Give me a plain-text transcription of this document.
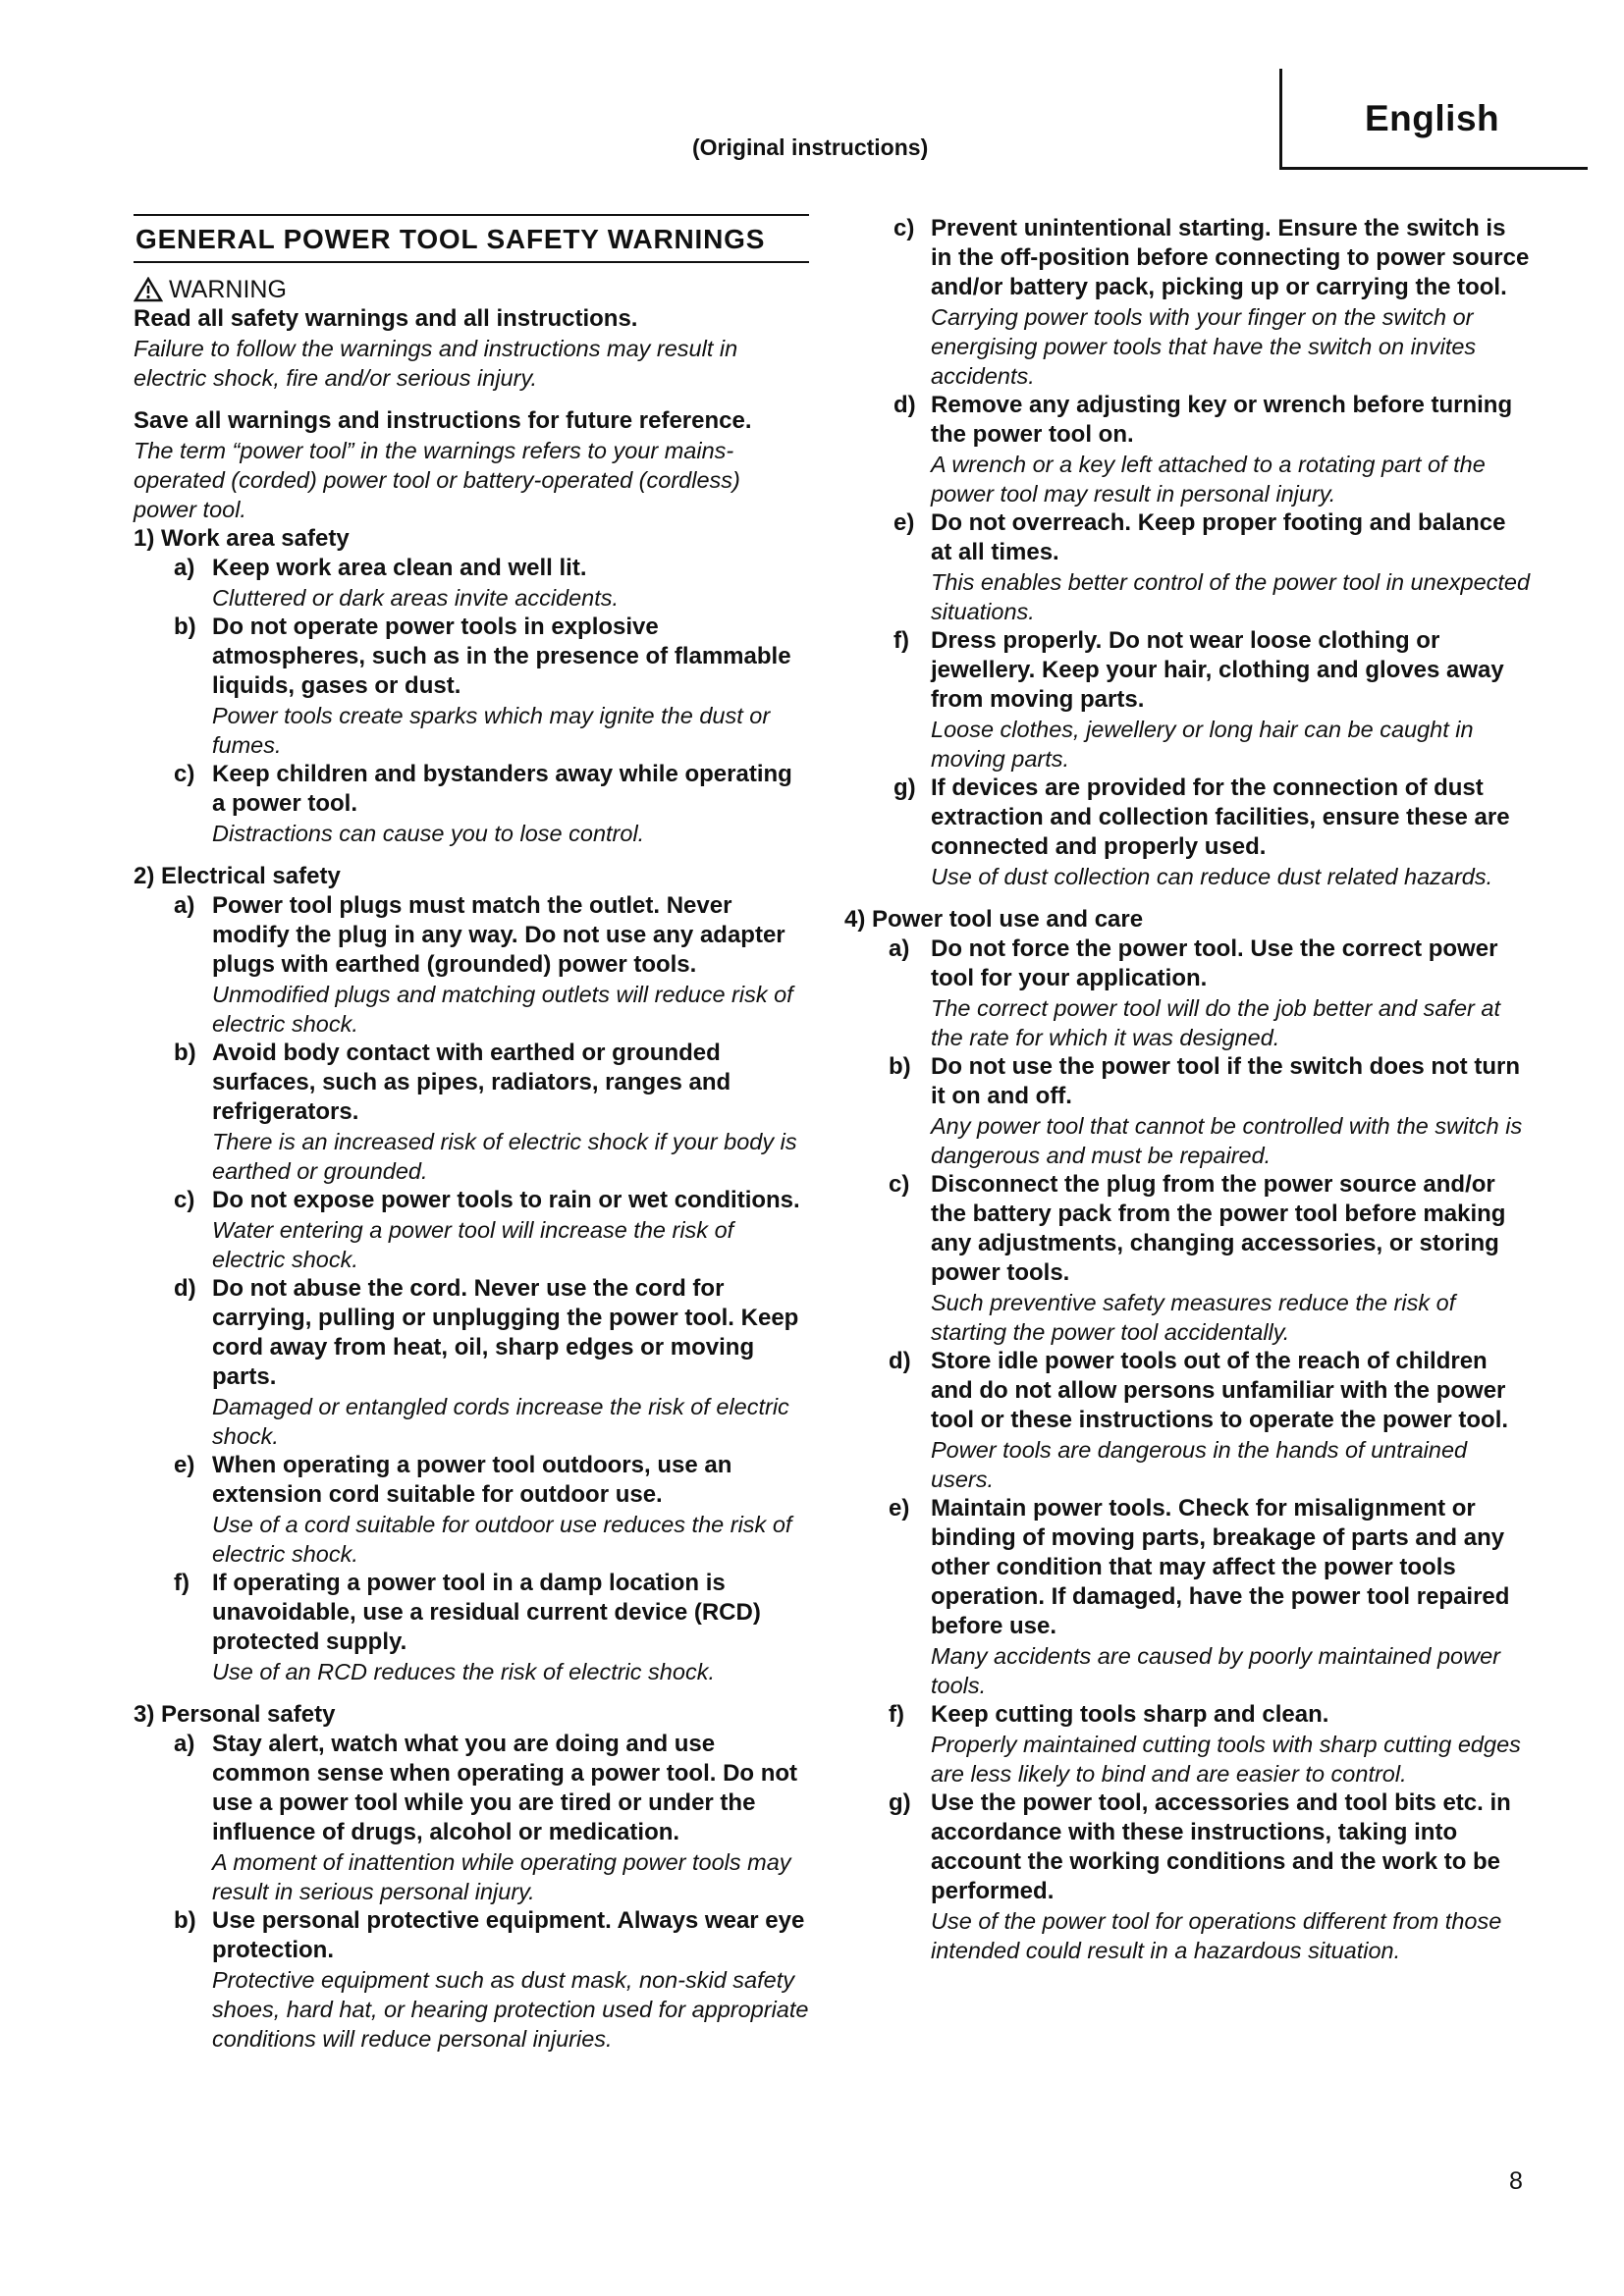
English
(Original instructions)
GENERAL POWER TOOL SAFETY WARNINGS
WARNING
Read all safety warnings and all instructions.
Failure to follow the warnings and instructions may result in electric shock, fire and/or serious injury.
Save all warnings and instructions for future reference.
The term “power tool” in the warnings refers to your mains-operated (corded) power tool or battery-operated (cordless) power tool.
1) Work area safety
a) Keep work area clean and well lit.
Cluttered or dark areas invite accidents.
b) Do not operate power tools in explosive atmospheres, such as in the presence of flammable liquids, gases or dust.
Power tools create sparks which may ignite the dust or fumes.
c) Keep children and bystanders away while operating a power tool.
Distractions can cause you to lose control.
2) Electrical safety
a) Power tool plugs must match the outlet. Never modify the plug in any way. Do not use any adapter plugs with earthed (grounded) power tools.
Unmodified plugs and matching outlets will reduce risk of electric shock.
b) Avoid body contact with earthed or grounded surfaces, such as pipes, radiators, ranges and refrigerators.
There is an increased risk of electric shock if your body is earthed or grounded.
c) Do not expose power tools to rain or wet conditions.
Water entering a power tool will increase the risk of electric shock.
d) Do not abuse the cord. Never use the cord for carrying, pulling or unplugging the power tool. Keep cord away from heat, oil, sharp edges or moving parts.
Damaged or entangled cords increase the risk of electric shock.
e) When operating a power tool outdoors, use an extension cord suitable for outdoor use.
Use of a cord suitable for outdoor use reduces the risk of electric shock.
f) If operating a power tool in a damp location is unavoidable, use a residual current device (RCD) protected supply.
Use of an RCD reduces the risk of electric shock.
3) Personal safety
a) Stay alert, watch what you are doing and use common sense when operating a power tool. Do not use a power tool while you are tired or under the influence of drugs, alcohol or medication.
A moment of inattention while operating power tools may result in serious personal injury.
b) Use personal protective equipment. Always wear eye protection.
Protective equipment such as dust mask, non-skid safety shoes, hard hat, or hearing protection used for appropriate conditions will reduce personal injuries.
c) Prevent unintentional starting. Ensure the switch is in the off-position before connecting to power source and/or battery pack, picking up or carrying the tool.
Carrying power tools with your finger on the switch or energising power tools that have the switch on invites accidents.
d) Remove any adjusting key or wrench before turning the power tool on.
A wrench or a key left attached to a rotating part of the power tool may result in personal injury.
e) Do not overreach. Keep proper footing and balance at all times.
This enables better control of the power tool in unexpected situations.
f) Dress properly. Do not wear loose clothing or jewellery. Keep your hair, clothing and gloves away from moving parts.
Loose clothes, jewellery or long hair can be caught in moving parts.
g) If devices are provided for the connection of dust extraction and collection facilities, ensure these are connected and properly used.
Use of dust collection can reduce dust related hazards.
4) Power tool use and care
a) Do not force the power tool. Use the correct power tool for your application.
The correct power tool will do the job better and safer at the rate for which it was designed.
b) Do not use the power tool if the switch does not turn it on and off.
Any power tool that cannot be controlled with the switch is dangerous and must be repaired.
c) Disconnect the plug from the power source and/or the battery pack from the power tool before making any adjustments, changing accessories, or storing power tools.
Such preventive safety measures reduce the risk of starting the power tool accidentally.
d) Store idle power tools out of the reach of children and do not allow persons unfamiliar with the power tool or these instructions to operate the power tool.
Power tools are dangerous in the hands of untrained users.
e) Maintain power tools. Check for misalignment or binding of moving parts, breakage of parts and any other condition that may affect the power tools operation. If damaged, have the power tool repaired before use.
Many accidents are caused by poorly maintained power tools.
f)	Keep cutting tools sharp and clean.
Properly maintained cutting tools with sharp cutting edges are less likely to bind and are easier to control.
g) Use the power tool, accessories and tool bits etc. in accordance with these instructions, taking into account the working conditions and the work to be performed.
Use of the power tool for operations different from those intended could result in a hazardous situation.
8
